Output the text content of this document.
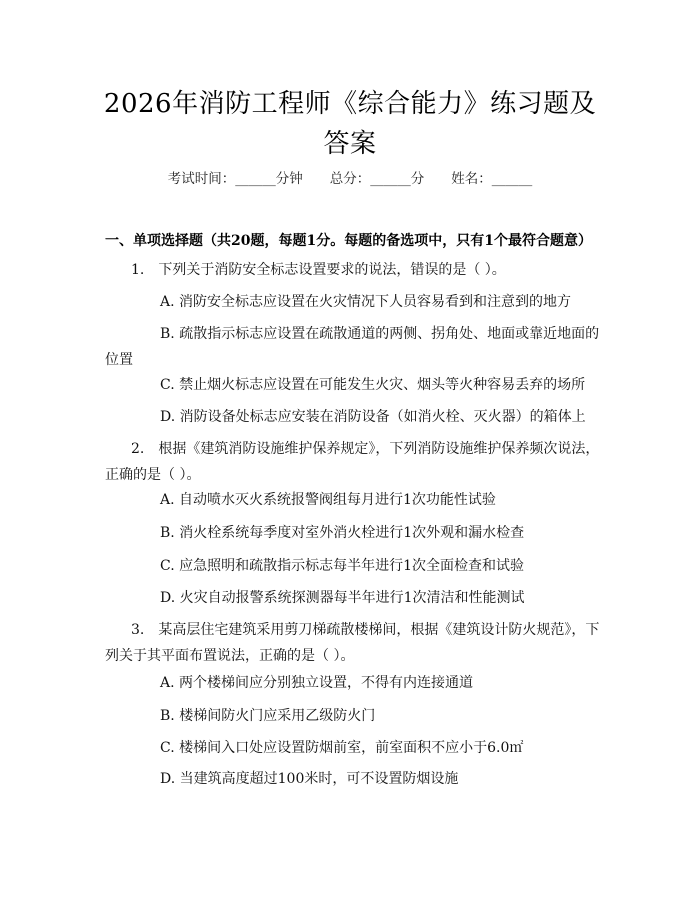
2026年消防工程师《综合能力》练习题及答案
考试时间：______分钟　　总分：______分　　姓名：______
一、单项选择题（共20题，每题1分。每题的备选项中，只有1个最符合题意）
1.　下列关于消防安全标志设置要求的说法，错误的是（ ）。
A. 消防安全标志应设置在火灾情况下人员容易看到和注意到的地方
B. 疏散指示标志应设置在疏散通道的两侧、拐角处、地面或靠近地面的位置
C. 禁止烟火标志应设置在可能发生火灾、烟头等火种容易丢弃的场所
D. 消防设备处标志应安装在消防设备（如消火栓、灭火器）的箱体上
2.　根据《建筑消防设施维护保养规定》，下列消防设施维护保养频次说法，正确的是（ ）。
A. 自动喷水灭火系统报警阀组每月进行1次功能性试验
B. 消火栓系统每季度对室外消火栓进行1次外观和漏水检查
C. 应急照明和疏散指示标志每半年进行1次全面检查和试验
D. 火灾自动报警系统探测器每半年进行1次清洁和性能测试
3.　某高层住宅建筑采用剪刀梯疏散楼梯间，根据《建筑设计防火规范》，下列关于其平面布置说法，正确的是（ ）。
A. 两个楼梯间应分别独立设置，不得有内连接通道
B. 楼梯间防火门应采用乙级防火门
C. 楼梯间入口处应设置防烟前室，前室面积不应小于6.0㎡
D. 当建筑高度超过100米时，可不设置防烟设施
